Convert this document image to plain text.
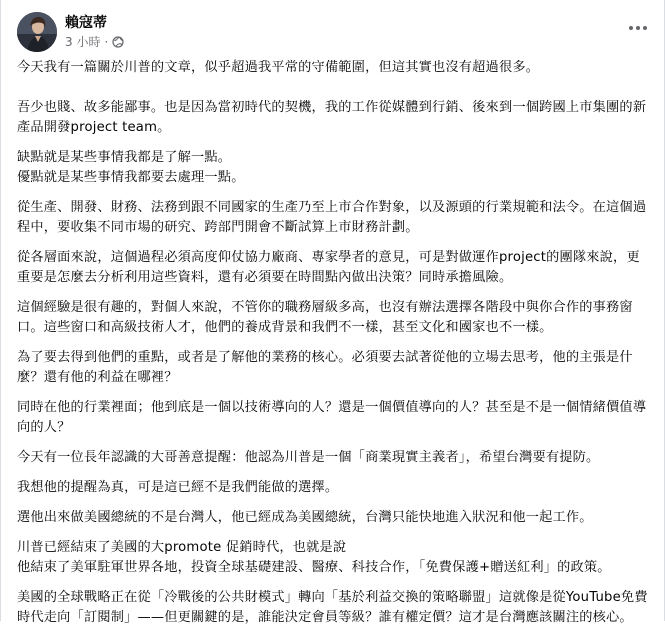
賴寇蒂
3 小時 ·

今天我有一篇關於川普的文章，似乎超過我平常的守備範圍，但這其實也沒有超過很多。

吾少也賤、故多能鄙事。也是因為當初時代的契機，我的工作從媒體到行銷、後來到一個跨國上市集團的新產品開發project team。

缺點就是某些事情我都是了解一點。
優點就是某些事情我都要去處理一點。

從生產、開發、財務、法務到跟不同國家的生產乃至上市合作對象，以及源頭的行業規範和法令。在這個過程中，要收集不同市場的研究、跨部門開會不斷試算上市財務計劃。

從各層面來說，這個過程必須高度仰仗協力廠商、專家學者的意見，可是對做運作project的團隊來說，更重要是怎麼去分析利用這些資料，還有必須要在時間點內做出決策？同時承擔風險。

這個經驗是很有趣的，對個人來說，不管你的職務層級多高，也沒有辦法選擇各階段中與你合作的事務窗口。這些窗口和高級技術人才，他們的養成背景和我們不一樣，甚至文化和國家也不一樣。

為了要去得到他們的重點，或者是了解他的業務的核心。必須要去試著從他的立場去思考，他的主張是什麼？還有他的利益在哪裡？

同時在他的行業裡面；他到底是一個以技術導向的人？還是一個價值導向的人？甚至是不是一個情緒價值導向的人？

今天有一位長年認識的大哥善意提醒：他認為川普是一個「商業現實主義者」，希望台灣要有提防。

我想他的提醒為真，可是這已經不是我們能做的選擇。

選他出來做美國總統的不是台灣人，他已經成為美國總統，台灣只能快地進入狀況和他一起工作。

川普已經結束了美國的大promote 促銷時代，也就是說
他結束了美軍駐軍世界各地，投資全球基礎建設、醫療、科技合作，「免費保護+贈送紅利」的政策。

美國的全球戰略正在從「冷戰後的公共財模式」轉向「基於利益交換的策略聯盟」這就像是從YouTube免費時代走向「訂閱制」——但更關鍵的是，誰能決定會員等級？誰有權定價？這才是台灣應該關注的核心。
